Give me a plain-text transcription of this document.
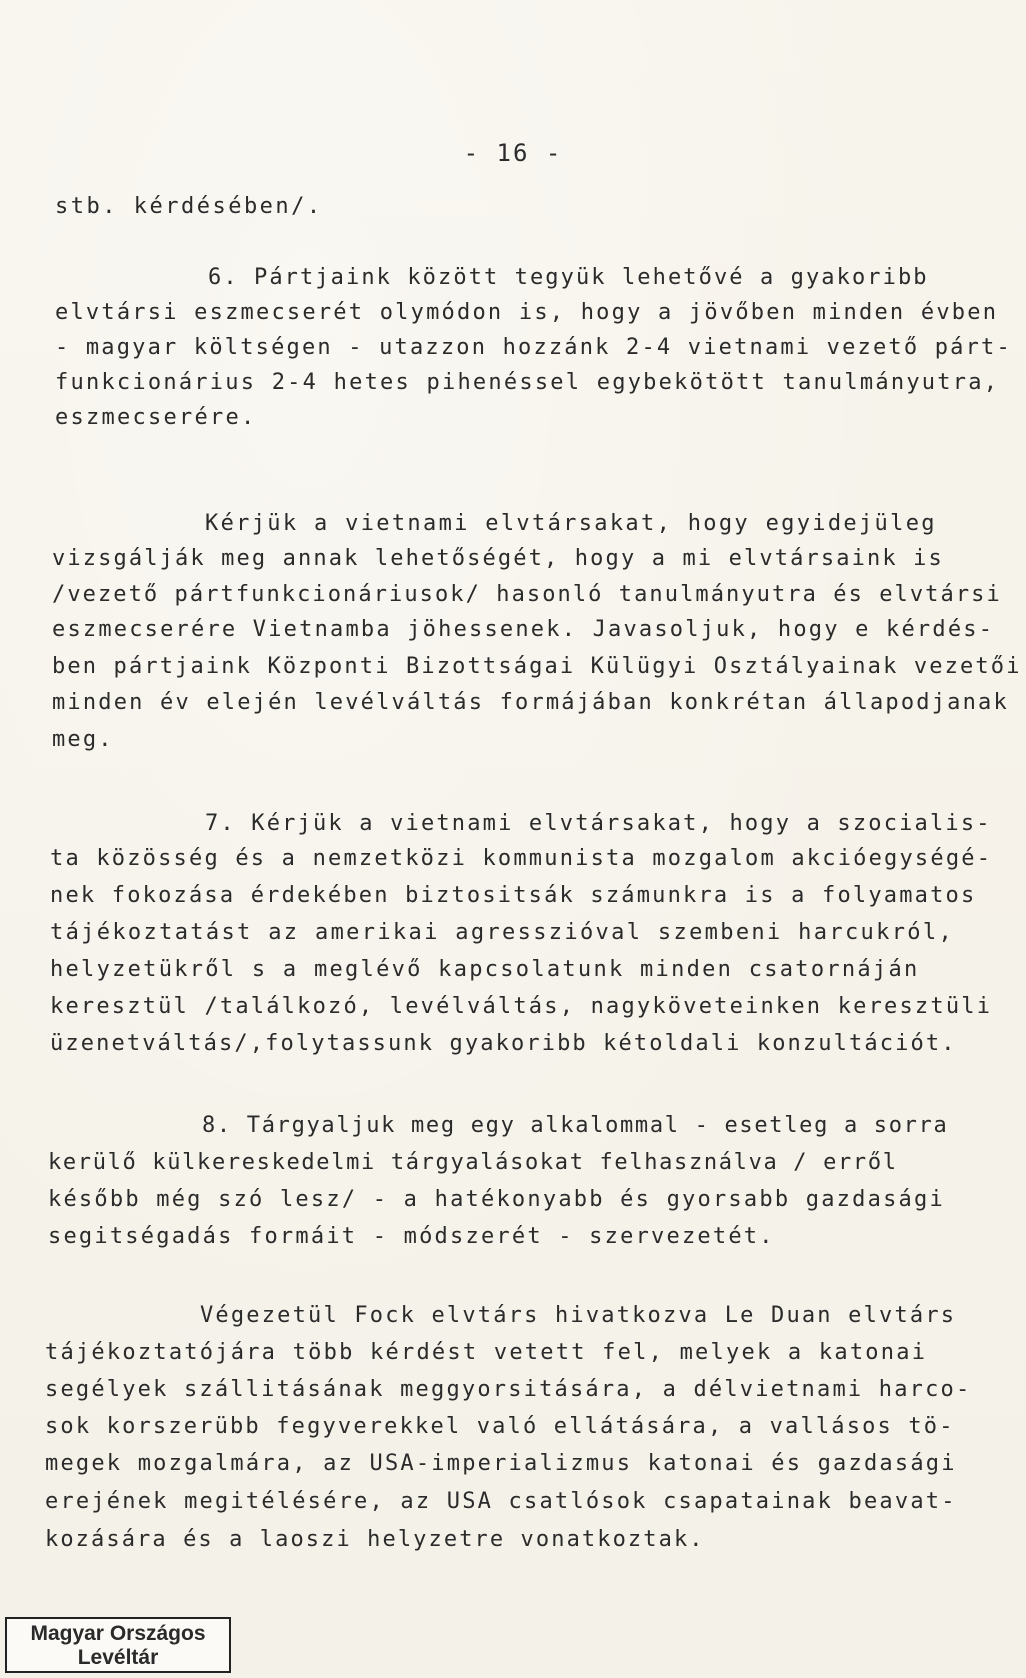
- 16 -
stb. kérdésében/.
6. Pártjaink között tegyük lehetővé a gyakoribb
elvtársi eszmecserét olymódon is, hogy a jövőben minden évben
- magyar költségen - utazzon hozzánk 2-4 vietnami vezető párt-
funkcionárius 2-4 hetes pihenéssel egybekötött tanulmányutra,
eszmecserére.
Kérjük a vietnami elvtársakat, hogy egyidejüleg
vizsgálják meg annak lehetőségét, hogy a mi elvtársaink is
/vezető pártfunkcionáriusok/ hasonló tanulmányutra és elvtársi
eszmecserére Vietnamba jöhessenek. Javasoljuk, hogy e kérdés-
ben pártjaink Központi Bizottságai Külügyi Osztályainak vezetői
minden év elején levélváltás formájában konkrétan állapodjanak
meg.
7. Kérjük a vietnami elvtársakat, hogy a szocialis-
ta közösség és a nemzetközi kommunista mozgalom akcióegységé-
nek fokozása érdekében biztositsák számunkra is a folyamatos
tájékoztatást az amerikai agresszióval szembeni harcukról,
helyzetükről s a meglévő kapcsolatunk minden csatornáján
keresztül /találkozó, levélváltás, nagyköveteinken keresztüli
üzenetváltás/,folytassunk gyakoribb kétoldali konzultációt.
8. Tárgyaljuk meg egy alkalommal - esetleg a sorra
kerülő külkereskedelmi tárgyalásokat felhasználva / erről
később még szó lesz/ - a hatékonyabb és gyorsabb gazdasági
segitségadás formáit - módszerét - szervezetét.
Végezetül Fock elvtárs hivatkozva Le Duan elvtárs
tájékoztatójára több kérdést vetett fel, melyek a katonai
segélyek szállitásának meggyorsitására, a délvietnami harco-
sok korszerübb fegyverekkel való ellátására, a vallásos tö-
megek mozgalmára, az USA-imperializmus katonai és gazdasági
erejének megitélésére, az USA csatlósok csapatainak beavat-
kozására és a laoszi helyzetre vonatkoztak.
Magyar Országos
Levéltár
